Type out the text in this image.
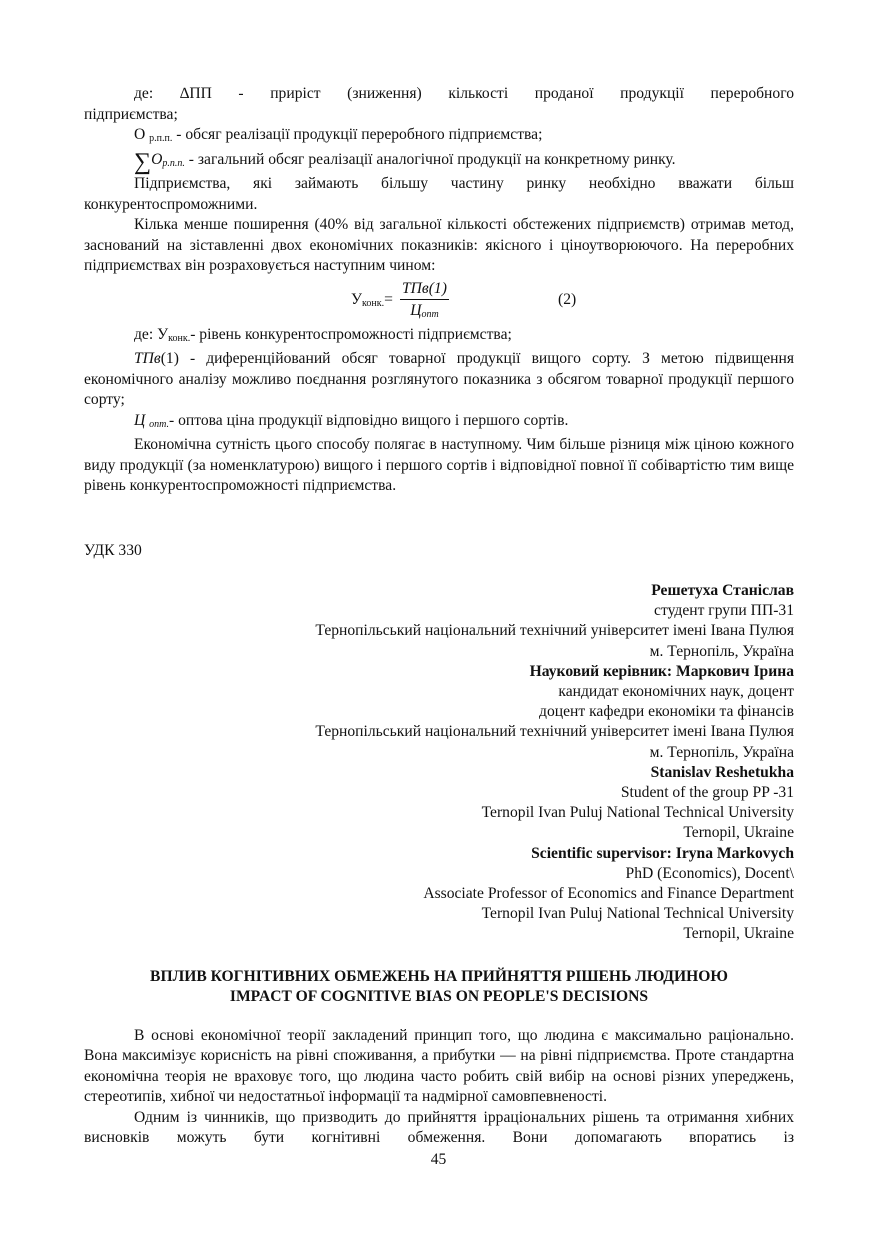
де: ∆ПП - приріст (зниження) кількості проданої продукції переробного

підприємства;

О $_{р.п.п.}$ - обсяг реалізації продукції переробного підприємства;

$\sum О_{р.п.п.}$ - загальний обсяг реалізації аналогічної продукції на конкретному ринку.

Підприємства, які займають більшу частину ринку необхідно вважати більш конкурентоспроможними.

Кілька менше поширення (40% від загальної кількості обстежених підприємств) отримав метод, заснований на зіставленні двох економічних показників: якісного і ціноутворюючого. На переробних підприємствах він розраховується наступним чином:

$У_{конк.}=$
ТПв(1)
$Ц_{опт}$
(2)

де: $У_{конк.}-$ рівень конкурентоспроможності підприємства;

ТПв(1) - диференційований обсяг товарної продукції вищого сорту. З метою підвищення економічного аналізу можливо поєднання розглянутого показника з обсягом товарної продукції першого сорту;

Ц $_{опт.}$- оптова ціна продукції відповідно вищого і першого сортів.

Економічна сутність цього способу полягає в наступному. Чим більше різниця між ціною кожного виду продукції (за номенклатурою) вищого і першого сортів і відповідної повної її собівартістю тим вище рівень конкурентоспроможності підприємства.

УДК 330

Решетуха Станіслав
студент групи ПП-31
Тернопільський національний технічний університет імені Івана Пулюя
м. Тернопіль, Україна
Науковий керівник: Маркович Ірина
кандидат економічних наук, доцент
доцент кафедри економіки та фінансів
Тернопільський національний технічний університет імені Івана Пулюя
м. Тернопіль, Україна
Stanislav Reshetukha
Student of the group PP -31
Ternopil Ivan Puluj National Technical University
Ternopil, Ukraine
Scientific supervisor: Iryna Markovych
PhD (Economics), Docent\
Associate Professor of Economics and Finance Department
Ternopil Ivan Puluj National Technical University
Ternopil, Ukraine
ВПЛИВ КОГНІТИВНИХ ОБМЕЖЕНЬ НА ПРИЙНЯТТЯ РІШЕНЬ ЛЮДИНОЮ
IMPACT OF COGNITIVE BIAS ON PEOPLE'S DECISIONS

В основі економічної теорії закладений принцип того, що людина є максимально раціонально. Вона максимізує корисність на рівні споживання, а прибутки — на рівні підприємства. Проте стандартна економічна теорія не враховує того, що людина часто робить свій вибір на основі різних упереджень, стереотипів, хибної чи недостатньої інформації та надмірної самовпевненості.

Одним із чинників, що призводить до прийняття ірраціональних рішень та отримання хибних висновків можуть бути когнітивні обмеження. Вони допомагають впоратись із

45
